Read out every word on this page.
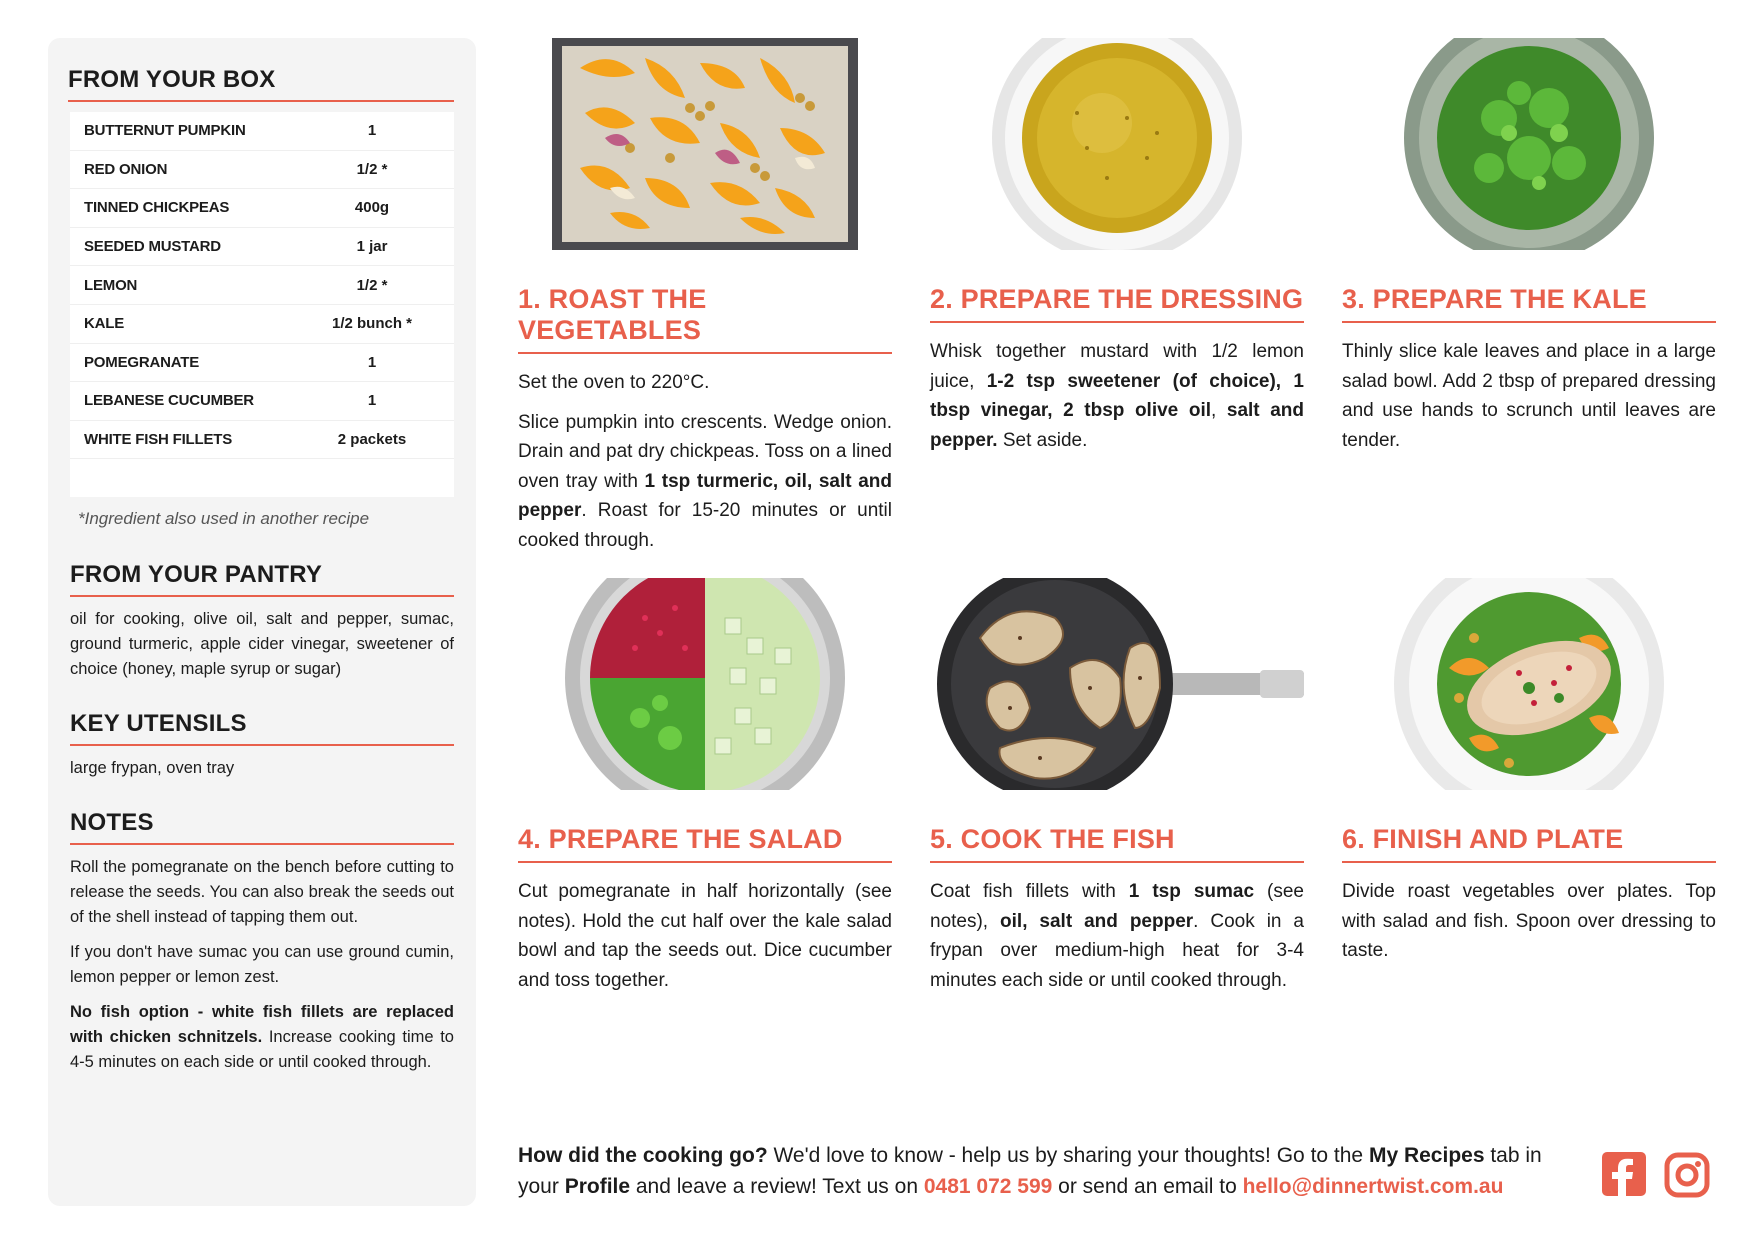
FROM YOUR BOX
BUTTERNUT PUMPKIN	1
RED ONION	1/2 *
TINNED CHICKPEAS	400g
SEEDED MUSTARD	1 jar
LEMON	1/2 *
KALE	1/2 bunch *
POMEGRANATE	1
LEBANESE CUCUMBER	1
WHITE FISH FILLETS	2 packets
*Ingredient also used in another recipe
FROM YOUR PANTRY
oil for cooking, olive oil, salt and pepper, sumac, ground turmeric, apple cider vinegar, sweetener of choice (honey, maple syrup or sugar)
KEY UTENSILS
large frypan, oven tray
NOTES

Roll the pomegranate on the bench before cutting to release the seeds. You can also break the seeds out of the shell instead of tapping them out.

If you don't have sumac you can use ground cumin, lemon pepper or lemon zest.

No fish option - white fish fillets are replaced with chicken schnitzels. Increase cooking time to 4-5 minutes on each side or until cooked through.

1. ROAST THE VEGETABLES

Set the oven to 220°C.

Slice pumpkin into crescents. Wedge onion. Drain and pat dry chickpeas. Toss on a lined oven tray with 1 tsp turmeric, oil, salt and pepper. Roast for 15-20 minutes or until cooked through.

2. PREPARE THE DRESSING

Whisk together mustard with 1/2 lemon juice, 1-2 tsp sweetener (of choice), 1 tbsp vinegar, 2 tbsp olive oil, salt and pepper. Set aside.

3. PREPARE THE KALE

Thinly slice kale leaves and place in a large salad bowl. Add 2 tbsp of prepared dressing and use hands to scrunch until leaves are tender.

4. PREPARE THE SALAD

Cut pomegranate in half horizontally (see notes). Hold the cut half over the kale salad bowl and tap the seeds out. Dice cucumber and toss together.

5. COOK THE FISH

Coat fish fillets with 1 tsp sumac (see notes), oil, salt and pepper. Cook in a frypan over medium-high heat for 3-4 minutes each side or until cooked through.

6. FINISH AND PLATE

Divide roast vegetables over plates. Top with salad and fish. Spoon over dressing to taste.

How did the cooking go? We'd love to know - help us by sharing your thoughts! Go to the My Recipes tab in your Profile and leave a review! Text us on 0481 072 599 or send an email to hello@dinnertwist.com.au
